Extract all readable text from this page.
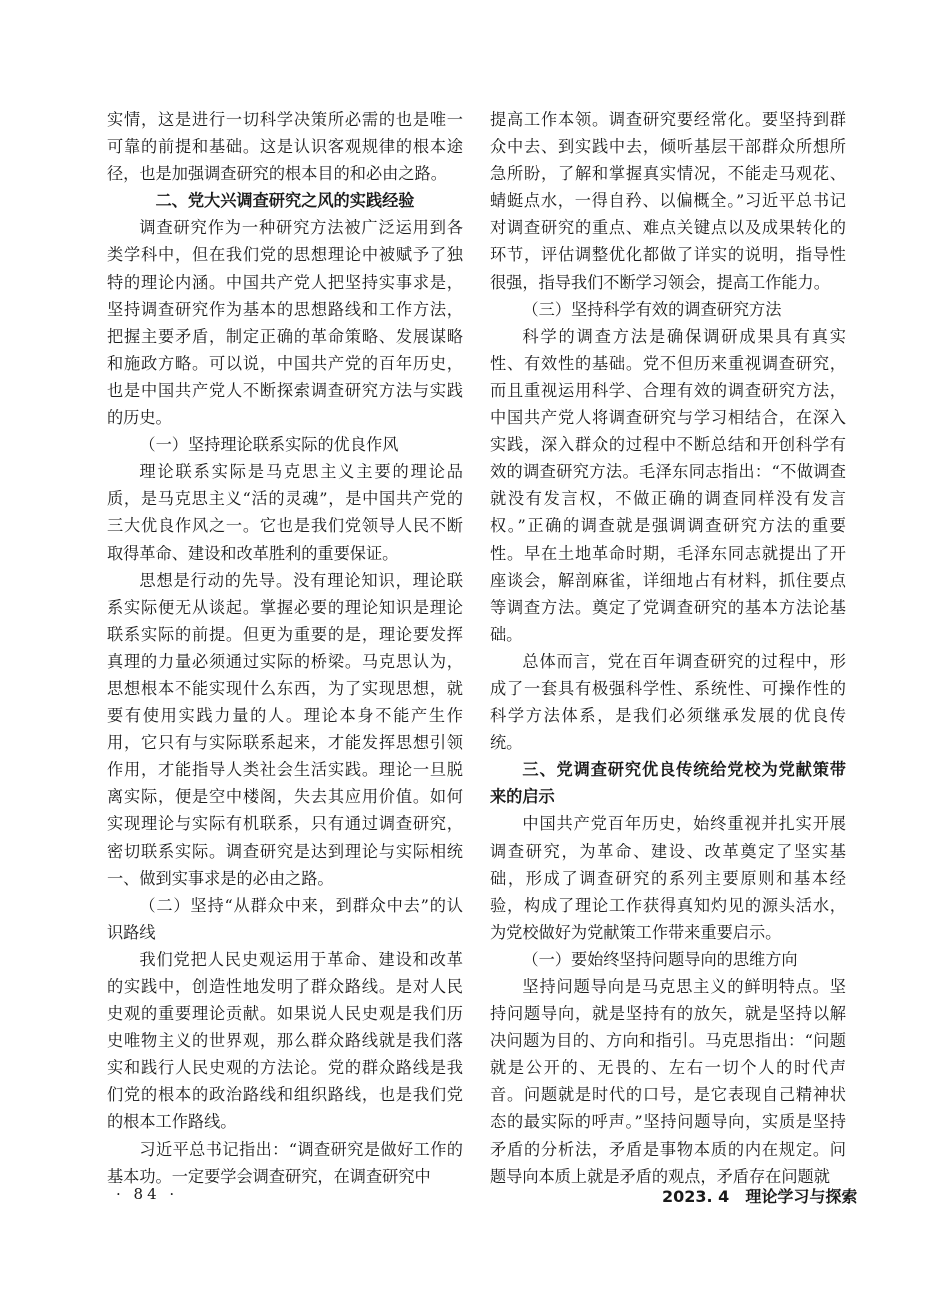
实情，这是进行一切科学决策所必需的也是唯一可靠的前提和基础。这是认识客观规律的根本途径，也是加强调查研究的根本目的和必由之路。

二、党大兴调查研究之风的实践经验

调查研究作为一种研究方法被广泛运用到各类学科中，但在我们党的思想理论中被赋予了独特的理论内涵。中国共产党人把坚持实事求是，坚持调查研究作为基本的思想路线和工作方法，把握主要矛盾，制定正确的革命策略、发展谋略和施政方略。可以说，中国共产党的百年历史，也是中国共产党人不断探索调查研究方法与实践的历史。

（一）坚持理论联系实际的优良作风

理论联系实际是马克思主义主要的理论品质，是马克思主义“活的灵魂”，是中国共产党的三大优良作风之一。它也是我们党领导人民不断取得革命、建设和改革胜利的重要保证。

思想是行动的先导。没有理论知识，理论联系实际便无从谈起。掌握必要的理论知识是理论联系实际的前提。但更为重要的是，理论要发挥真理的力量必须通过实际的桥梁。马克思认为，思想根本不能实现什么东西，为了实现思想，就要有使用实践力量的人。理论本身不能产生作用，它只有与实际联系起来，才能发挥思想引领作用，才能指导人类社会生活实践。理论一旦脱离实际，便是空中楼阁，失去其应用价值。如何实现理论与实际有机联系，只有通过调查研究，密切联系实际。调查研究是达到理论与实际相统一、做到实事求是的必由之路。

（二）坚持“从群众中来，到群众中去”的认识路线

我们党把人民史观运用于革命、建设和改革的实践中，创造性地发明了群众路线。是对人民史观的重要理论贡献。如果说人民史观是我们历史唯物主义的世界观，那么群众路线就是我们落实和践行人民史观的方法论。党的群众路线是我们党的根本的政治路线和组织路线，也是我们党的根本工作路线。

习近平总书记指出：“调查研究是做好工作的基本功。一定要学会调查研究，在调查研究中

提高工作本领。调查研究要经常化。要坚持到群众中去、到实践中去，倾听基层干部群众所想所急所盼，了解和掌握真实情况，不能走马观花、蜻蜓点水，一得自矜、以偏概全。”习近平总书记对调查研究的重点、难点关键点以及成果转化的环节，评估调整优化都做了详实的说明，指导性很强，指导我们不断学习领会，提高工作能力。

（三）坚持科学有效的调查研究方法

科学的调查方法是确保调研成果具有真实性、有效性的基础。党不但历来重视调查研究，而且重视运用科学、合理有效的调查研究方法，中国共产党人将调查研究与学习相结合，在深入实践，深入群众的过程中不断总结和开创科学有效的调查研究方法。毛泽东同志指出：“不做调查就没有发言权，不做正确的调查同样没有发言权。”正确的调查就是强调调查研究方法的重要性。早在土地革命时期，毛泽东同志就提出了开座谈会，解剖麻雀，详细地占有材料，抓住要点等调查方法。奠定了党调查研究的基本方法论基础。

总体而言，党在百年调查研究的过程中，形成了一套具有极强科学性、系统性、可操作性的科学方法体系，是我们必须继承发展的优良传统。

三、党调查研究优良传统给党校为党献策带来的启示

中国共产党百年历史，始终重视并扎实开展调查研究，为革命、建设、改革奠定了坚实基础，形成了调查研究的系列主要原则和基本经验，构成了理论工作获得真知灼见的源头活水，为党校做好为党献策工作带来重要启示。

（一）要始终坚持问题导向的思维方向

坚持问题导向是马克思主义的鲜明特点。坚持问题导向，就是坚持有的放矢，就是坚持以解决问题为目的、方向和指引。马克思指出：“问题就是公开的、无畏的、左右一切个人的时代声音。问题就是时代的口号，是它表现自己精神状态的最实际的呼声。”坚持问题导向，实质是坚持矛盾的分析法，矛盾是事物本质的内在规定。问题导向本质上就是矛盾的观点，矛盾存在问题就

· 84 ·	2023. 4 理论学习与探索
